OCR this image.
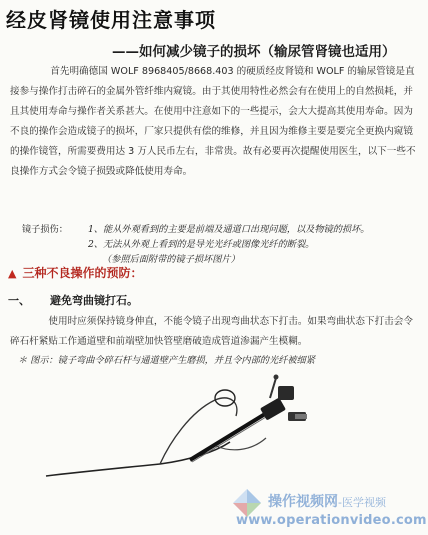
经皮肾镜使用注意事项
——如何减少镜子的损坏（输尿管肾镜也适用）

首先明确德国 WOLF 8968405/8668.403 的硬质经皮肾镜和 WOLF 的输尿管镜是直接参与操作打击碎石的金属外管纤维内窥镜。由于其使用特性必然会有在使用上的自然损耗，并且其使用寿命与操作者关系甚大。在使用中注意如下的一些提示，会大大提高其使用寿命。因为不良的操作会造成镜子的损坏，厂家只提供有偿的维修，并且因为维修主要是要完全更换内窥镜的操作镜管，所需要费用达 3 万人民币左右，非常贵。故有必要再次提醒使用医生，以下一些不良操作方式会令镜子损毁或降低使用寿命。

镜子损伤： 1、能从外观看到的主要是前端及通道口出现问题，以及物镜的损坏。
2、无法从外观上看到的是导光光纤或图像光纤的断裂。
（参照后面附带的镜子损坏图片）
▲ 三种不良操作的预防：
一、 避免弯曲镜打石。

使用时应须保持镜身伸直，不能令镜子出现弯曲状态下打击。如果弯曲状态下打击会令碎石杆紧贴工作通道壁和前端壁加快管壁磨破造成管道渗漏产生模糊。

＊ 图示：镜子弯曲令碎石杆与通道壁产生磨损，并且令内部的光纤被细紧
操作视频网-医学视频
www.operationvideo.com
